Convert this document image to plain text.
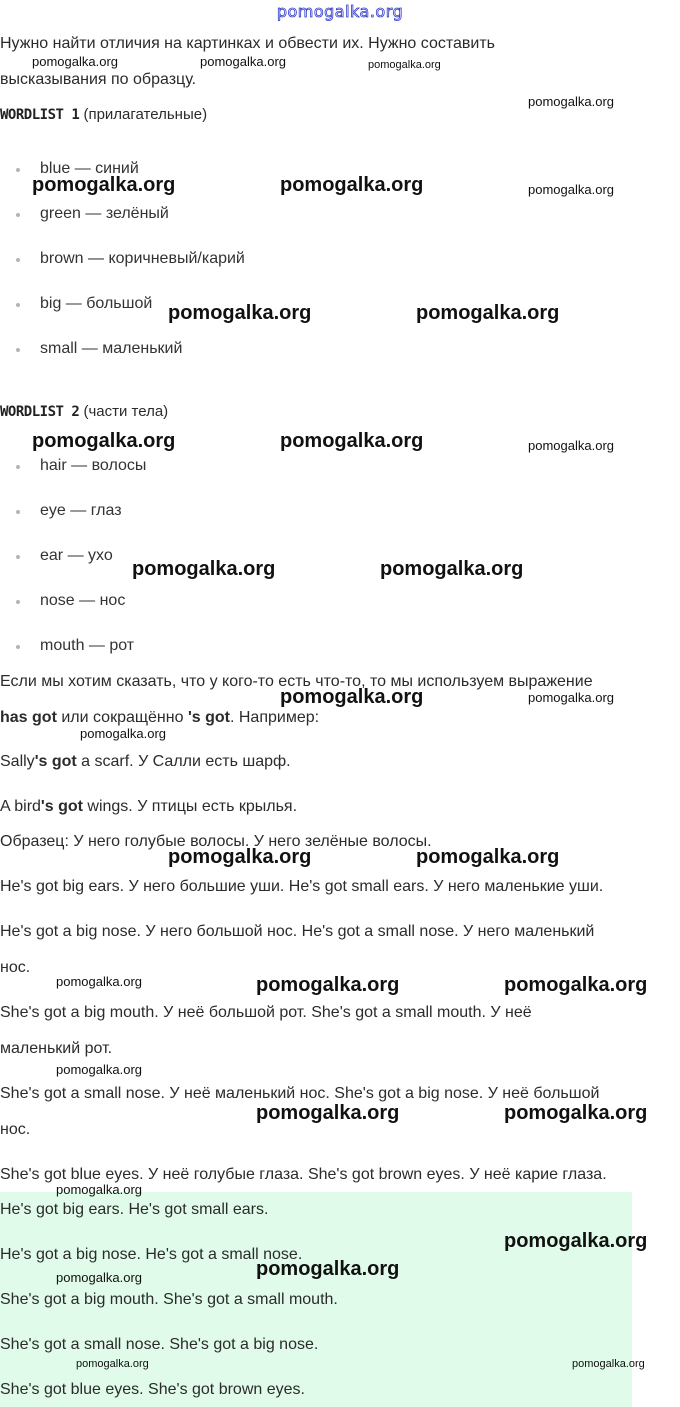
pomogalka.org
Нужно найти отличия на картинках и обвести их. Нужно составить
высказывания по образцу.
WORDLIST 1 (прилагательные)
blue — синий
green — зелёный
brown — коричневый/карий
big — большой
small — маленький
WORDLIST 2 (части тела)
hair — волосы
eye — глаз
ear — ухо
nose — нос
mouth — рот
Если мы хотим сказать, что у кого-то есть что-то, то мы используем выражение
has got или сокращённо 's got. Например:
Sally's got a scarf. У Салли есть шарф.
A bird's got wings. У птицы есть крылья.
Образец: У него голубые волосы. У него зелёные волосы.
He's got big ears. У него большие уши. He's got small ears. У него маленькие уши.
He's got a big nose. У него большой нос. He's got a small nose. У него маленький
нос.
She's got a big mouth. У неё большой рот. She's got a small mouth. У неё
маленький рот.
She's got a small nose. У неё маленький нос. She's got a big nose. У неё большой
нос.
She's got blue eyes. У неё голубые глаза. She's got brown eyes. У неё карие глаза.
He's got big ears. He's got small ears.
He's got a big nose. He's got a small nose.
She's got a big mouth. She's got a small mouth.
She's got a small nose. She's got a big nose.
She's got blue eyes. She's got brown eyes.
pomogalka.org	pomogalka.org	pomogalka.org
pomogalka.org
pomogalka.org	pomogalka.org	pomogalka.org
pomogalka.org	pomogalka.org
pomogalka.org	pomogalka.org	pomogalka.org
pomogalka.org	pomogalka.org
pomogalka.org	pomogalka.org
pomogalka.org
pomogalka.org	pomogalka.org
pomogalka.org	pomogalka.org	pomogalka.org
pomogalka.org
pomogalka.org	pomogalka.org
pomogalka.org
pomogalka.org
pomogalka.org
pomogalka.org
pomogalka.org	pomogalka.org
